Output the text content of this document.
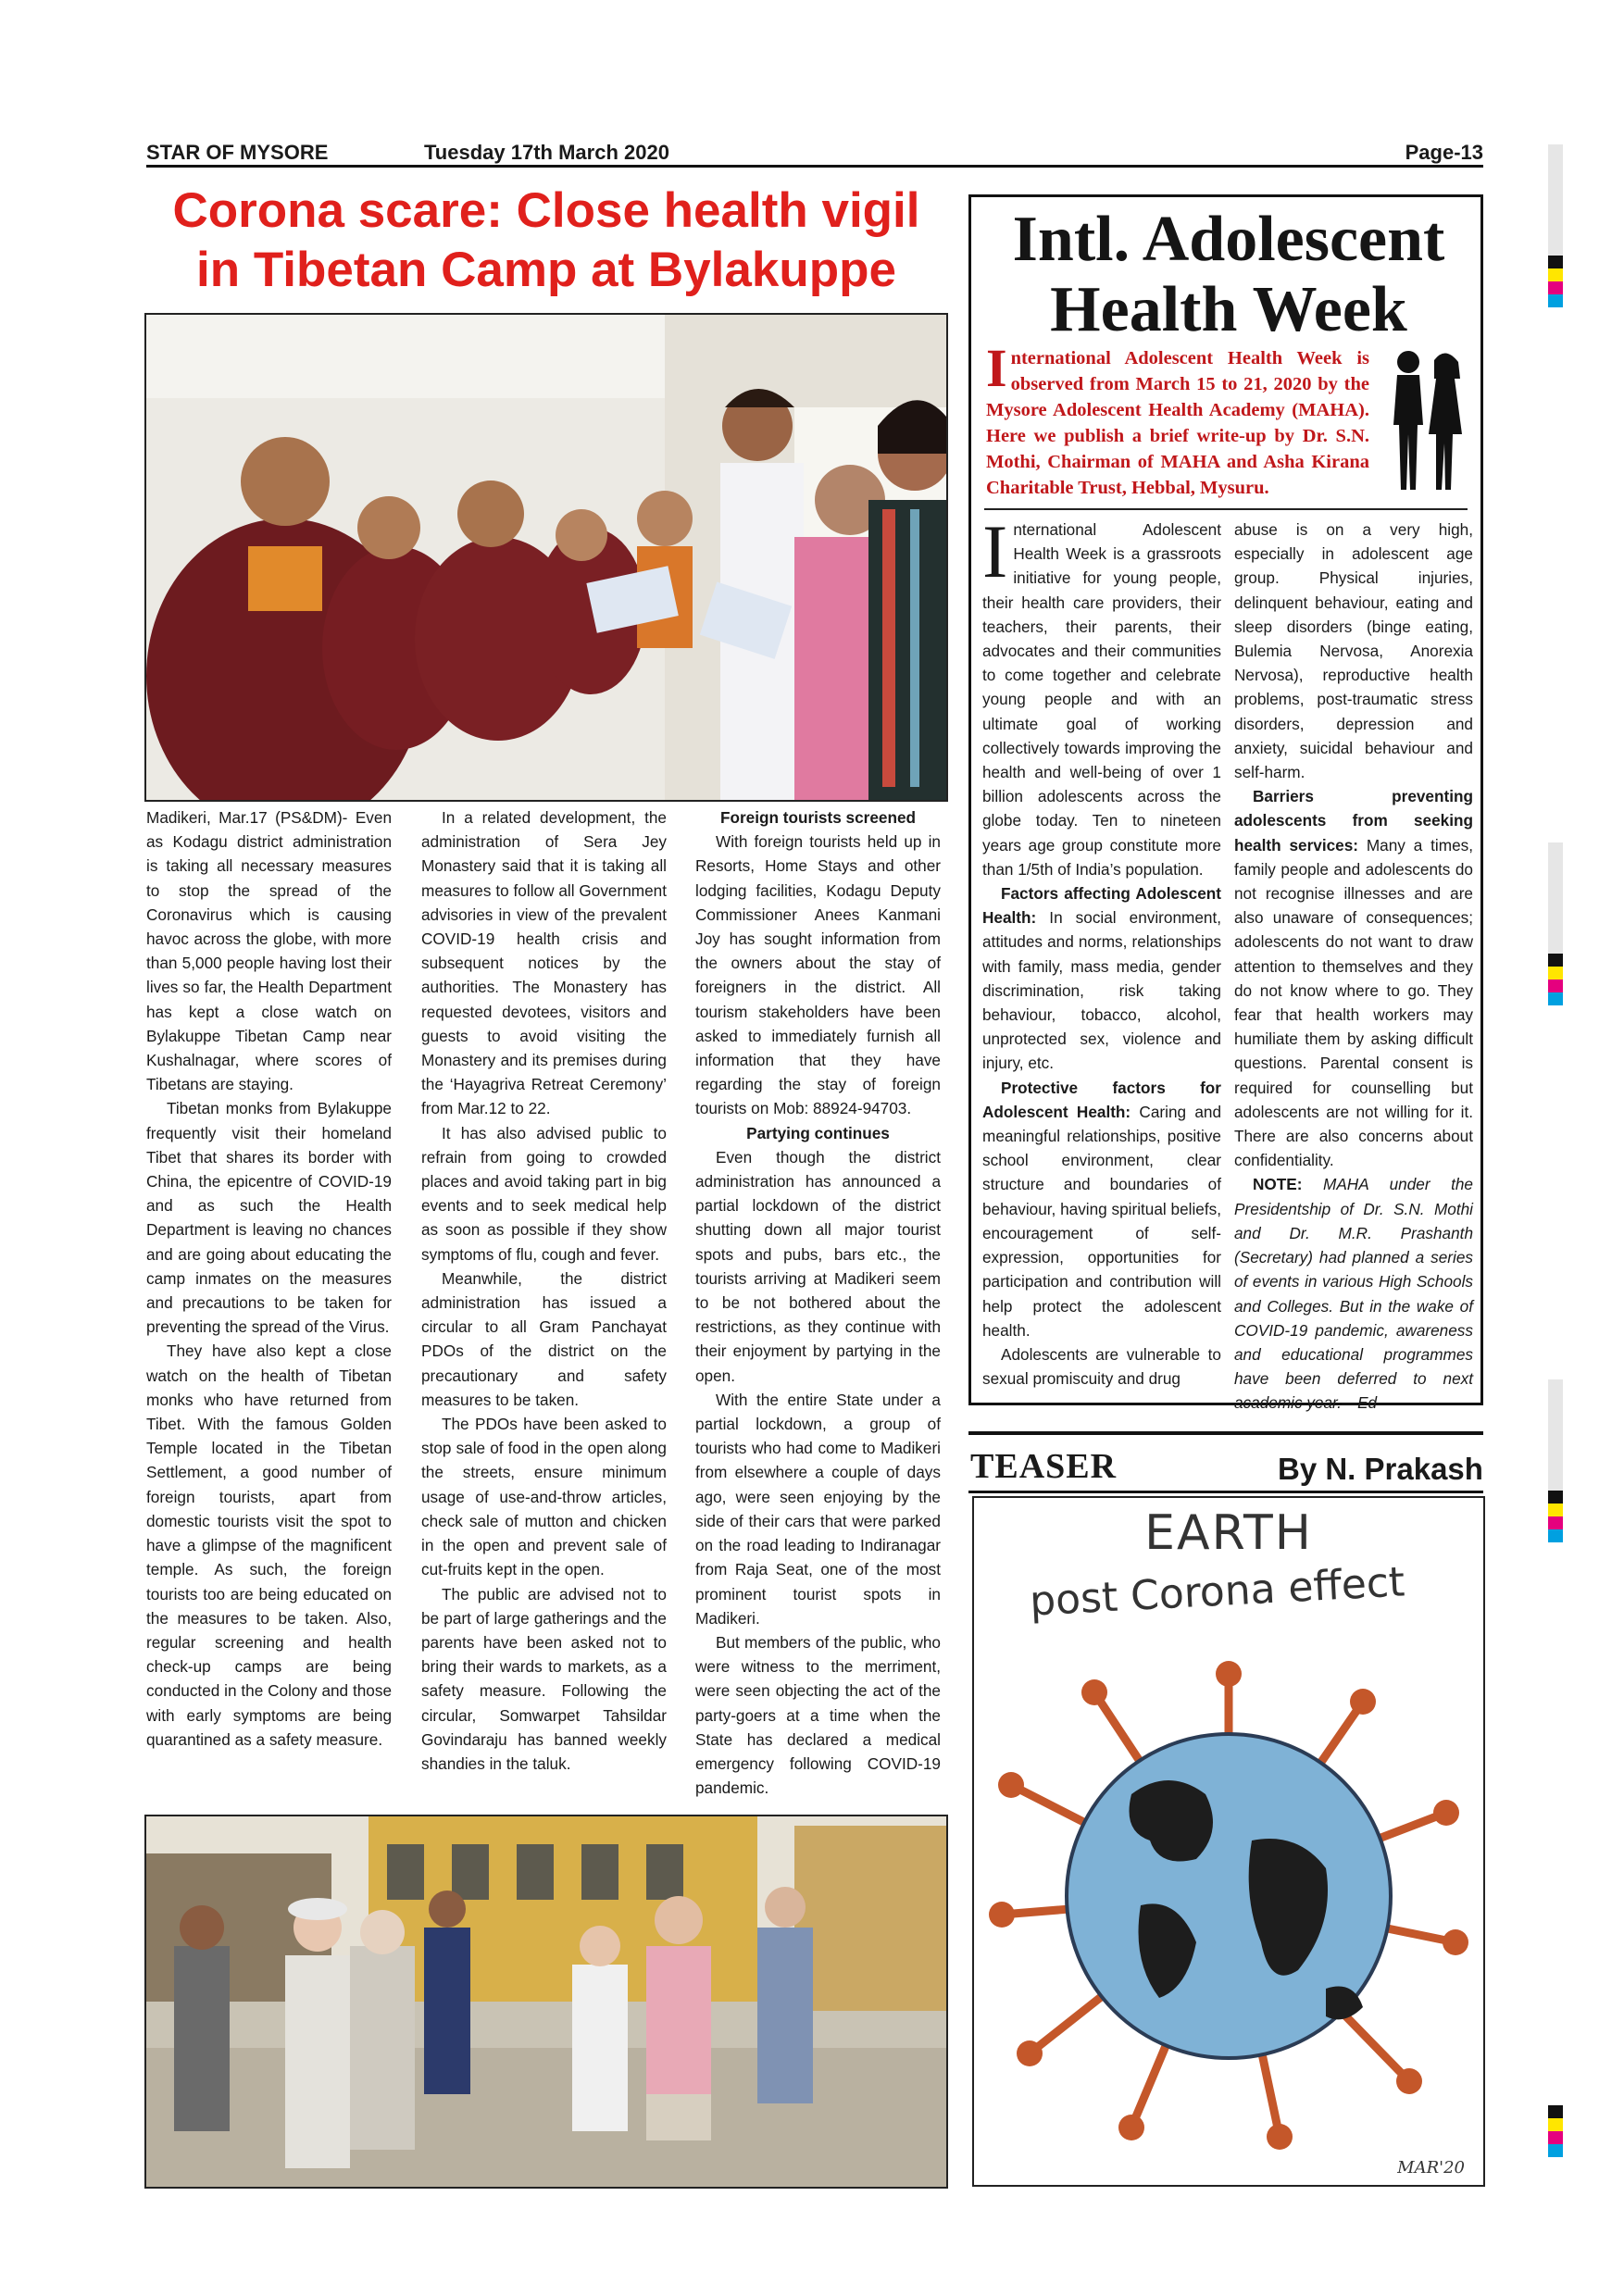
STAR OF MYSORE	Tuesday 17th March 2020	Page-13
Corona scare: Close health vigil
in Tibetan Camp at Bylakuppe

Madikeri, Mar.17 (PS&DM)- Even as Kodagu district administration is taking all necessary measures to stop the spread of the Coronavirus which is causing havoc across the globe, with more than 5,000 people having lost their lives so far, the Health Department has kept a close watch on Bylakuppe Tibetan Camp near Kushalnagar, where scores of Tibetans are staying.

Tibetan monks from Bylakuppe frequently visit their homeland Tibet that shares its border with China, the epicentre of COVID-19 and as such the Health Department is leaving no chances and are going about educating the camp inmates on the measures and precautions to be taken for preventing the spread of the Virus.

They have also kept a close watch on the health of Tibetan monks who have returned from Tibet. With the famous Golden Temple located in the Tibetan Settlement, a good number of foreign tourists, apart from domestic tourists visit the spot to have a glimpse of the magnificent temple. As such, the foreign tourists too are being educated on the measures to be taken. Also, regular screening and health check-up camps are being conducted in the Colony and those with early symptoms are being quarantined as a safety measure.

In a related development, the administration of Sera Jey Monastery said that it is taking all measures to follow all Government advisories in view of the prevalent COVID-19 health crisis and subsequent notices by the authorities. The Monastery has requested devotees, visitors and guests to avoid visiting the Monastery and its premises during the ‘Hayagriva Retreat Ceremony’ from Mar.12 to 22.

It has also advised public to refrain from going to crowded places and avoid taking part in big events and to seek medical help as soon as possible if they show symptoms of flu, cough and fever.

Meanwhile, the district administration has issued a circular to all Gram Panchayat PDOs of the district on the precautionary and safety measures to be taken.

The PDOs have been asked to stop sale of food in the open along the streets, ensure minimum usage of use-and-throw articles, check sale of mutton and chicken in the open and prevent sale of cut-fruits kept in the open.

The public are advised not to be part of large gatherings and the parents have been asked not to bring their wards to markets, as a safety measure. Following the circular, Somwarpet Tahsildar Govindaraju has banned weekly shandies in the taluk.

Foreign tourists screened

With foreign tourists held up in Resorts, Home Stays and other lodging facilities, Kodagu Deputy Commissioner Anees Kanmani Joy has sought information from the owners about the stay of foreigners in the district. All tourism stakeholders have been asked to immediately furnish all information that they have regarding the stay of foreign tourists on Mob: 88924-94703.

Partying continues

Even though the district administration has announced a partial lockdown of the district shutting down all major tourist spots and pubs, bars etc., the tourists arriving at Madikeri seem to be not bothered about the restrictions, as they continue with their enjoyment by partying in the open.

With the entire State under a partial lockdown, a group of tourists who had come to Madikeri from elsewhere a couple of days ago, were seen enjoying by the side of their cars that were parked on the road leading to Indiranagar from Raja Seat, one of the most prominent tourist spots in Madikeri.

But members of the public, who were witness to the merriment, were seen objecting the act of the party-goers at a time when the State has declared a medical emergency following COVID-19 pandemic.

Intl. Adolescent
Health Week
International Adolescent Health Week is observed from March 15 to 21, 2020 by the Mysore Adolescent Health Academy (MAHA). Here we publish a brief write-up by Dr. S.N. Mothi, Chairman of MAHA and Asha Kirana Charitable Trust, Hebbal, Mysuru.

International Adolescent Health Week is a grassroots initiative for young people, their health care providers, their teachers, their parents, their advocates and their communities to come together and celebrate young people and with an ultimate goal of working collectively towards improving the health and well-being of over 1 billion adolescents across the globe today. Ten to nineteen years age group constitute more than 1/5th of India’s population.

Factors affecting Adolescent Health: In social environment, attitudes and norms, relationships with family, mass media, gender discrimination, risk taking behaviour, tobacco, alcohol, unprotected sex, violence and injury, etc.

Protective factors for Adolescent Health: Caring and meaningful relationships, positive school environment, clear structure and boundaries of behaviour, having spiritual beliefs, encouragement of self-expression, opportunities for participation and contribution will help protect the adolescent health.

Adolescents are vulnerable to sexual promiscuity and drug

abuse is on a very high, especially in adolescent age group. Physical injuries, delinquent behaviour, eating and sleep disorders (binge eating, Bulemia Nervosa, Anorexia Nervosa), reproductive health problems, post-traumatic stress disorders, depression and anxiety, suicidal behaviour and self-harm.

Barriers preventing adolescents from seeking health services: Many a times, family people and adolescents do not recognise illnesses and are also unaware of consequences; adolescents do not want to draw attention to themselves and they do not know where to go. They fear that health workers may humiliate them by asking difficult questions. Parental consent is required for counselling but adolescents are not willing for it. There are also concerns about confidentiality.

NOTE: MAHA under the Presidentship of Dr. S.N. Mothi and Dr. M.R. Prashanth (Secretary) had planned a series of events in various High Schools and Colleges. But in the wake of COVID-19 pandemic, awareness and educational programmes have been deferred to next academic year.—Ed

TEASER	By N. Prakash
EARTH
post Corona effect
MAR'20
